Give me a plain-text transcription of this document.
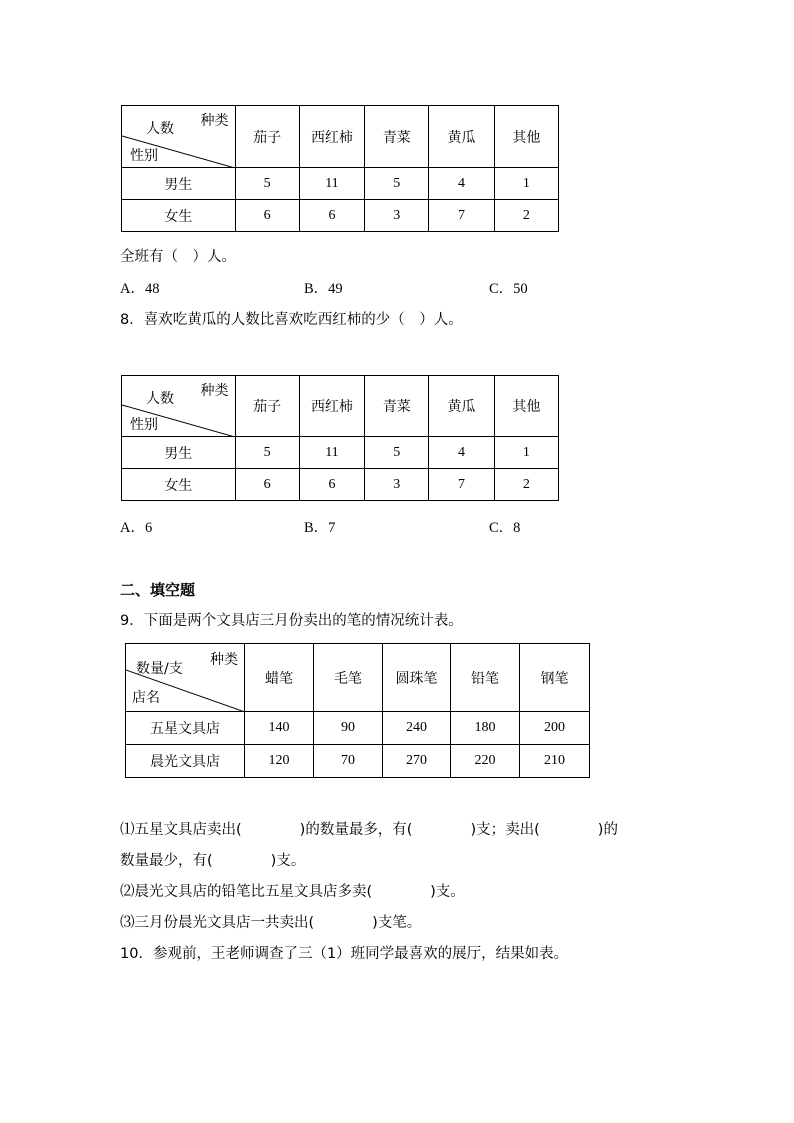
种类
人数
性别	茄子	西红柿	青菜	黄瓜	其他
男生	5	11	5	4	1
女生	6	6	3	7	2
全班有（　）人。
A．48	B．49	C．50
8．喜欢吃黄瓜的人数比喜欢吃西红柿的少（　）人。
种类
人数
性别	茄子	西红柿	青菜	黄瓜	其他
男生	5	11	5	4	1
女生	6	6	3	7	2
A．6	B．7	C．8
二、填空题
9．下面是两个文具店三月份卖出的笔的情况统计表。
种类
数量/支
店名	蜡笔	毛笔	圆珠笔	铅笔	钢笔
五星文具店	140	90	240	180	200
晨光文具店	120	70	270	220	210
⑴五星文具店卖出(　　　　)的数量最多，有(　　　　)支；卖出(　　　　)的
数量最少，有(　　　　)支。
⑵晨光文具店的铅笔比五星文具店多卖(　　　　)支。
⑶三月份晨光文具店一共卖出(　　　　)支笔。
10．参观前，王老师调查了三（1）班同学最喜欢的展厅，结果如表。
